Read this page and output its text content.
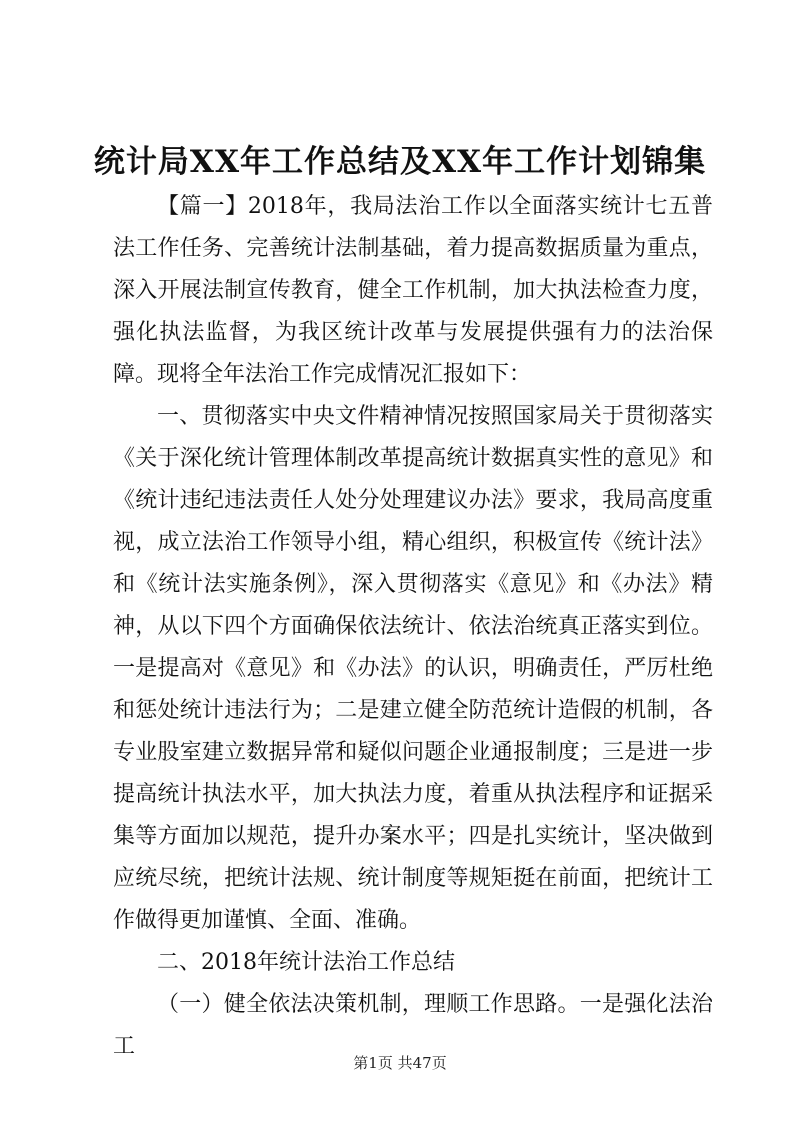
统计局XX年工作总结及XX年工作计划锦集

【篇一】2018年，我局法治工作以全面落实统计七五普法工作任务、完善统计法制基础，着力提高数据质量为重点，深入开展法制宣传教育，健全工作机制，加大执法检查力度，强化执法监督，为我区统计改革与发展提供强有力的法治保障。现将全年法治工作完成情况汇报如下：

一、贯彻落实中央文件精神情况按照国家局关于贯彻落实《关于深化统计管理体制改革提高统计数据真实性的意见》和《统计违纪违法责任人处分处理建议办法》要求，我局高度重视，成立法治工作领导小组，精心组织，积极宣传《统计法》和《统计法实施条例》，深入贯彻落实《意见》和《办法》精神，从以下四个方面确保依法统计、依法治统真正落实到位。一是提高对《意见》和《办法》的认识，明确责任，严厉杜绝和惩处统计违法行为；二是建立健全防范统计造假的机制，各专业股室建立数据异常和疑似问题企业通报制度；三是进一步提高统计执法水平，加大执法力度，着重从执法程序和证据采集等方面加以规范，提升办案水平；四是扎实统计，坚决做到应统尽统，把统计法规、统计制度等规矩挺在前面，把统计工作做得更加谨慎、全面、准确。

二、2018年统计法治工作总结

（一）健全依法决策机制，理顺工作思路。一是强化法治工

第1页 共47页
